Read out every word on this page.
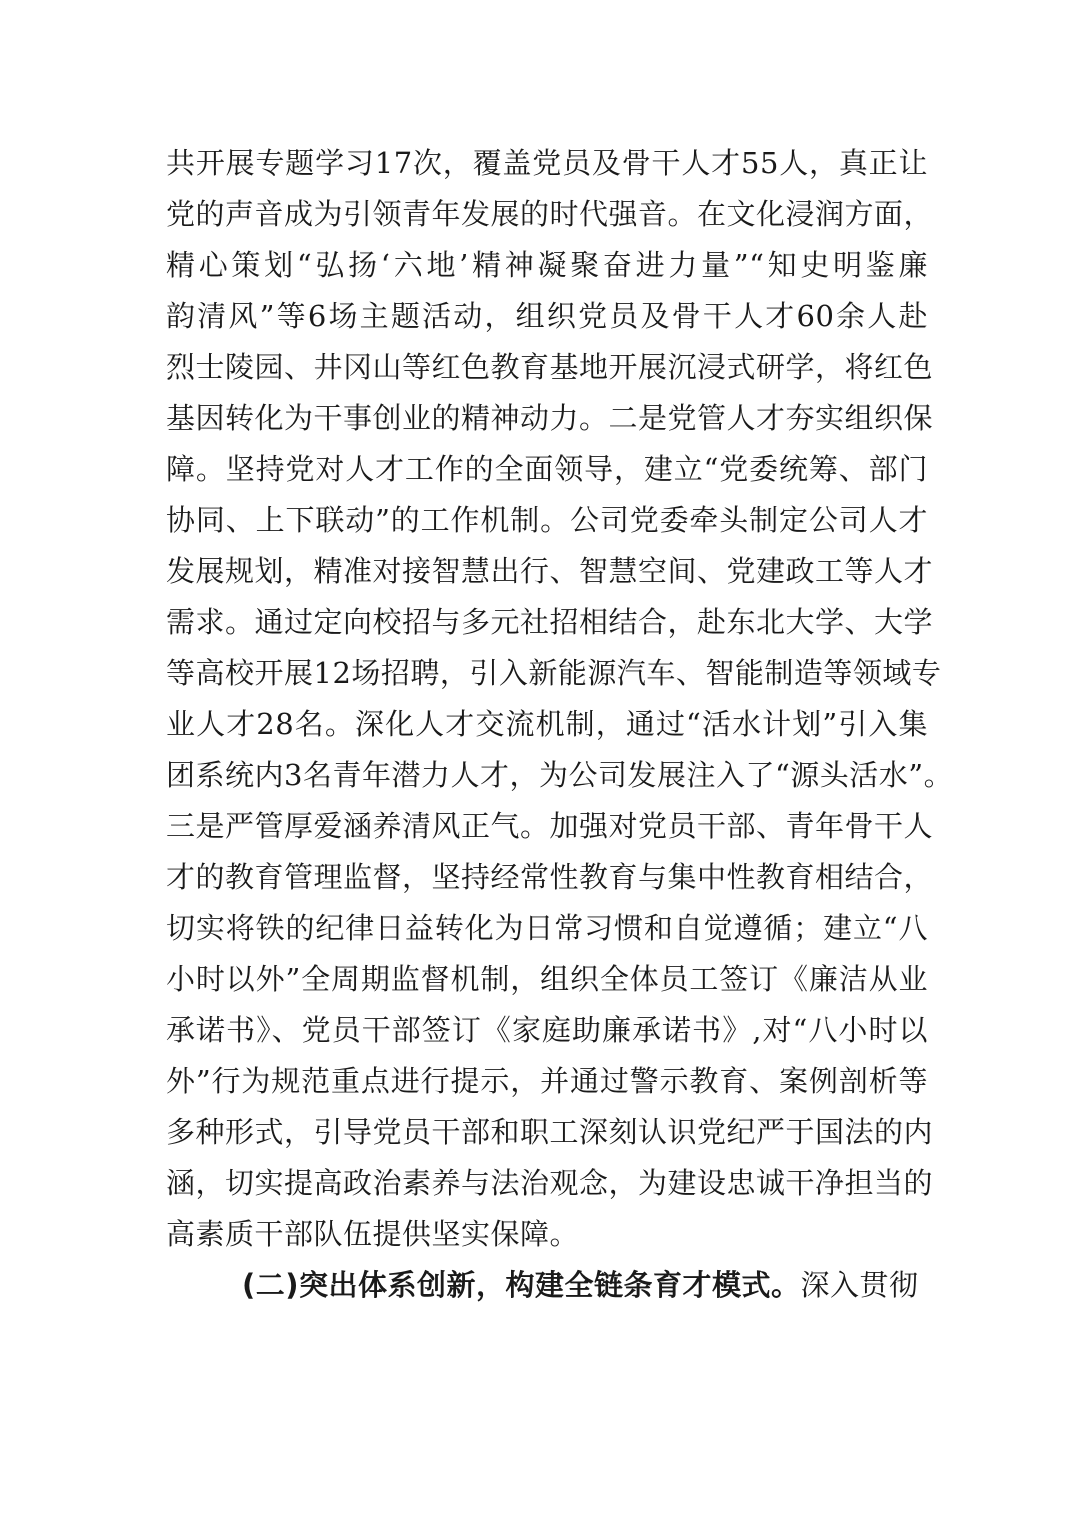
共开展专题学习17次，覆盖党员及骨干人才55人，真正让
党的声音成为引领青年发展的时代强音。在文化浸润方面，
精心策划“弘扬‘六地’精神凝聚奋进力量”“知史明鉴廉
韵清风”等6场主题活动，组织党员及骨干人才60余人赴
烈士陵园、井冈山等红色教育基地开展沉浸式研学，将红色
基因转化为干事创业的精神动力。二是党管人才夯实组织保
障。坚持党对人才工作的全面领导，建立“党委统筹、部门
协同、上下联动”的工作机制。公司党委牵头制定公司人才
发展规划，精准对接智慧出行、智慧空间、党建政工等人才
需求。通过定向校招与多元社招相结合，赴东北大学、大学
等高校开展12场招聘，引入新能源汽车、智能制造等领域专
业人才28名。深化人才交流机制，通过“活水计划”引入集
团系统内3名青年潜力人才，为公司发展注入了“源头活水”。
三是严管厚爱涵养清风正气。加强对党员干部、青年骨干人
才的教育管理监督，坚持经常性教育与集中性教育相结合，
切实将铁的纪律日益转化为日常习惯和自觉遵循；建立“八
小时以外”全周期监督机制，组织全体员工签订《廉洁从业
承诺书》、党员干部签订《家庭助廉承诺书》,对“八小时以
外”行为规范重点进行提示，并通过警示教育、案例剖析等
多种形式，引导党员干部和职工深刻认识党纪严于国法的内
涵，切实提高政治素养与法治观念，为建设忠诚干净担当的
高素质干部队伍提供坚实保障。
(二)突出体系创新，构建全链条育才模式。深入贯彻
